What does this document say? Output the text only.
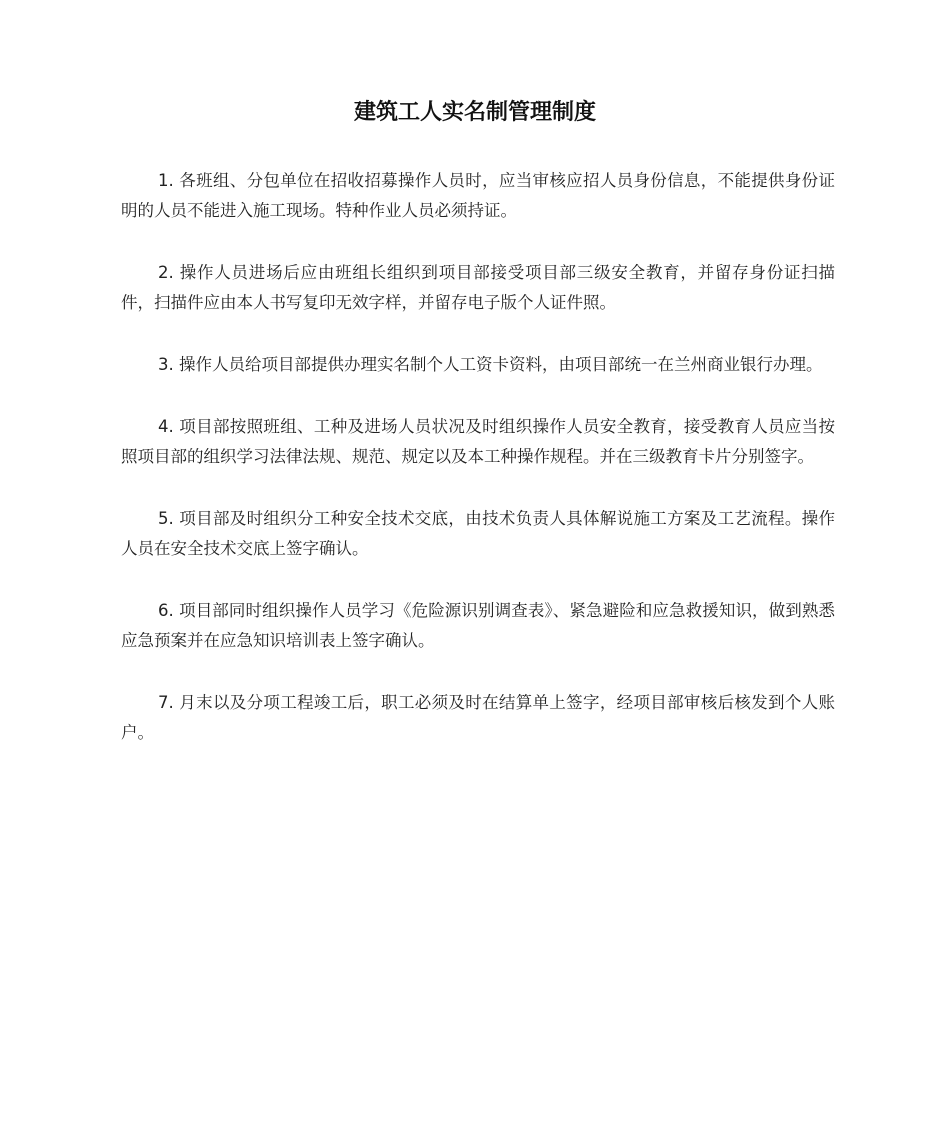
建筑工人实名制管理制度
1. 各班组、分包单位在招收招募操作人员时，应当审核应招人员身份信息，不能提供身份证明的人员不能进入施工现场。特种作业人员必须持证。
2. 操作人员进场后应由班组长组织到项目部接受项目部三级安全教育，并留存身份证扫描件，扫描件应由本人书写复印无效字样，并留存电子版个人证件照。
3. 操作人员给项目部提供办理实名制个人工资卡资料，由项目部统一在兰州商业银行办理。
4. 项目部按照班组、工种及进场人员状况及时组织操作人员安全教育，接受教育人员应当按照项目部的组织学习法律法规、规范、规定以及本工种操作规程。并在三级教育卡片分别签字。
5. 项目部及时组织分工种安全技术交底，由技术负责人具体解说施工方案及工艺流程。操作人员在安全技术交底上签字确认。
6. 项目部同时组织操作人员学习《危险源识别调查表》、紧急避险和应急救援知识，做到熟悉应急预案并在应急知识培训表上签字确认。
7. 月末以及分项工程竣工后，职工必须及时在结算单上签字，经项目部审核后核发到个人账户。
